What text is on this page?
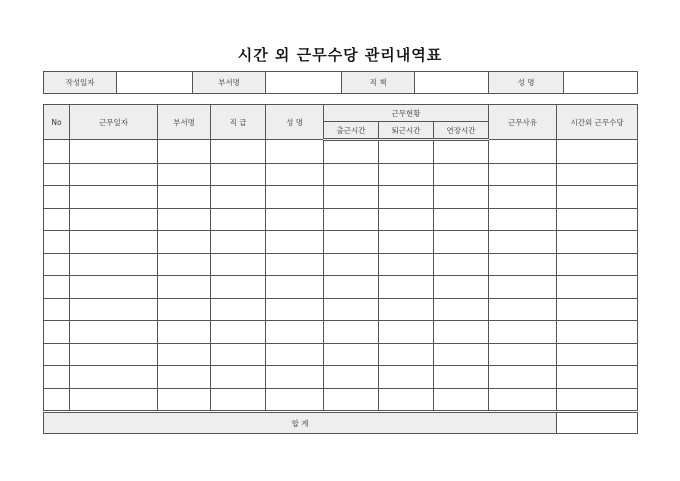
시간 외 근무수당 관리내역표
작성일자		부서명		직 책		성 명	
No	근무일자	부서명	직 급	성 명	근무현황			근무사유	시간외 근무수당
					출근시간	퇴근시간	연장시간		

합 계									
